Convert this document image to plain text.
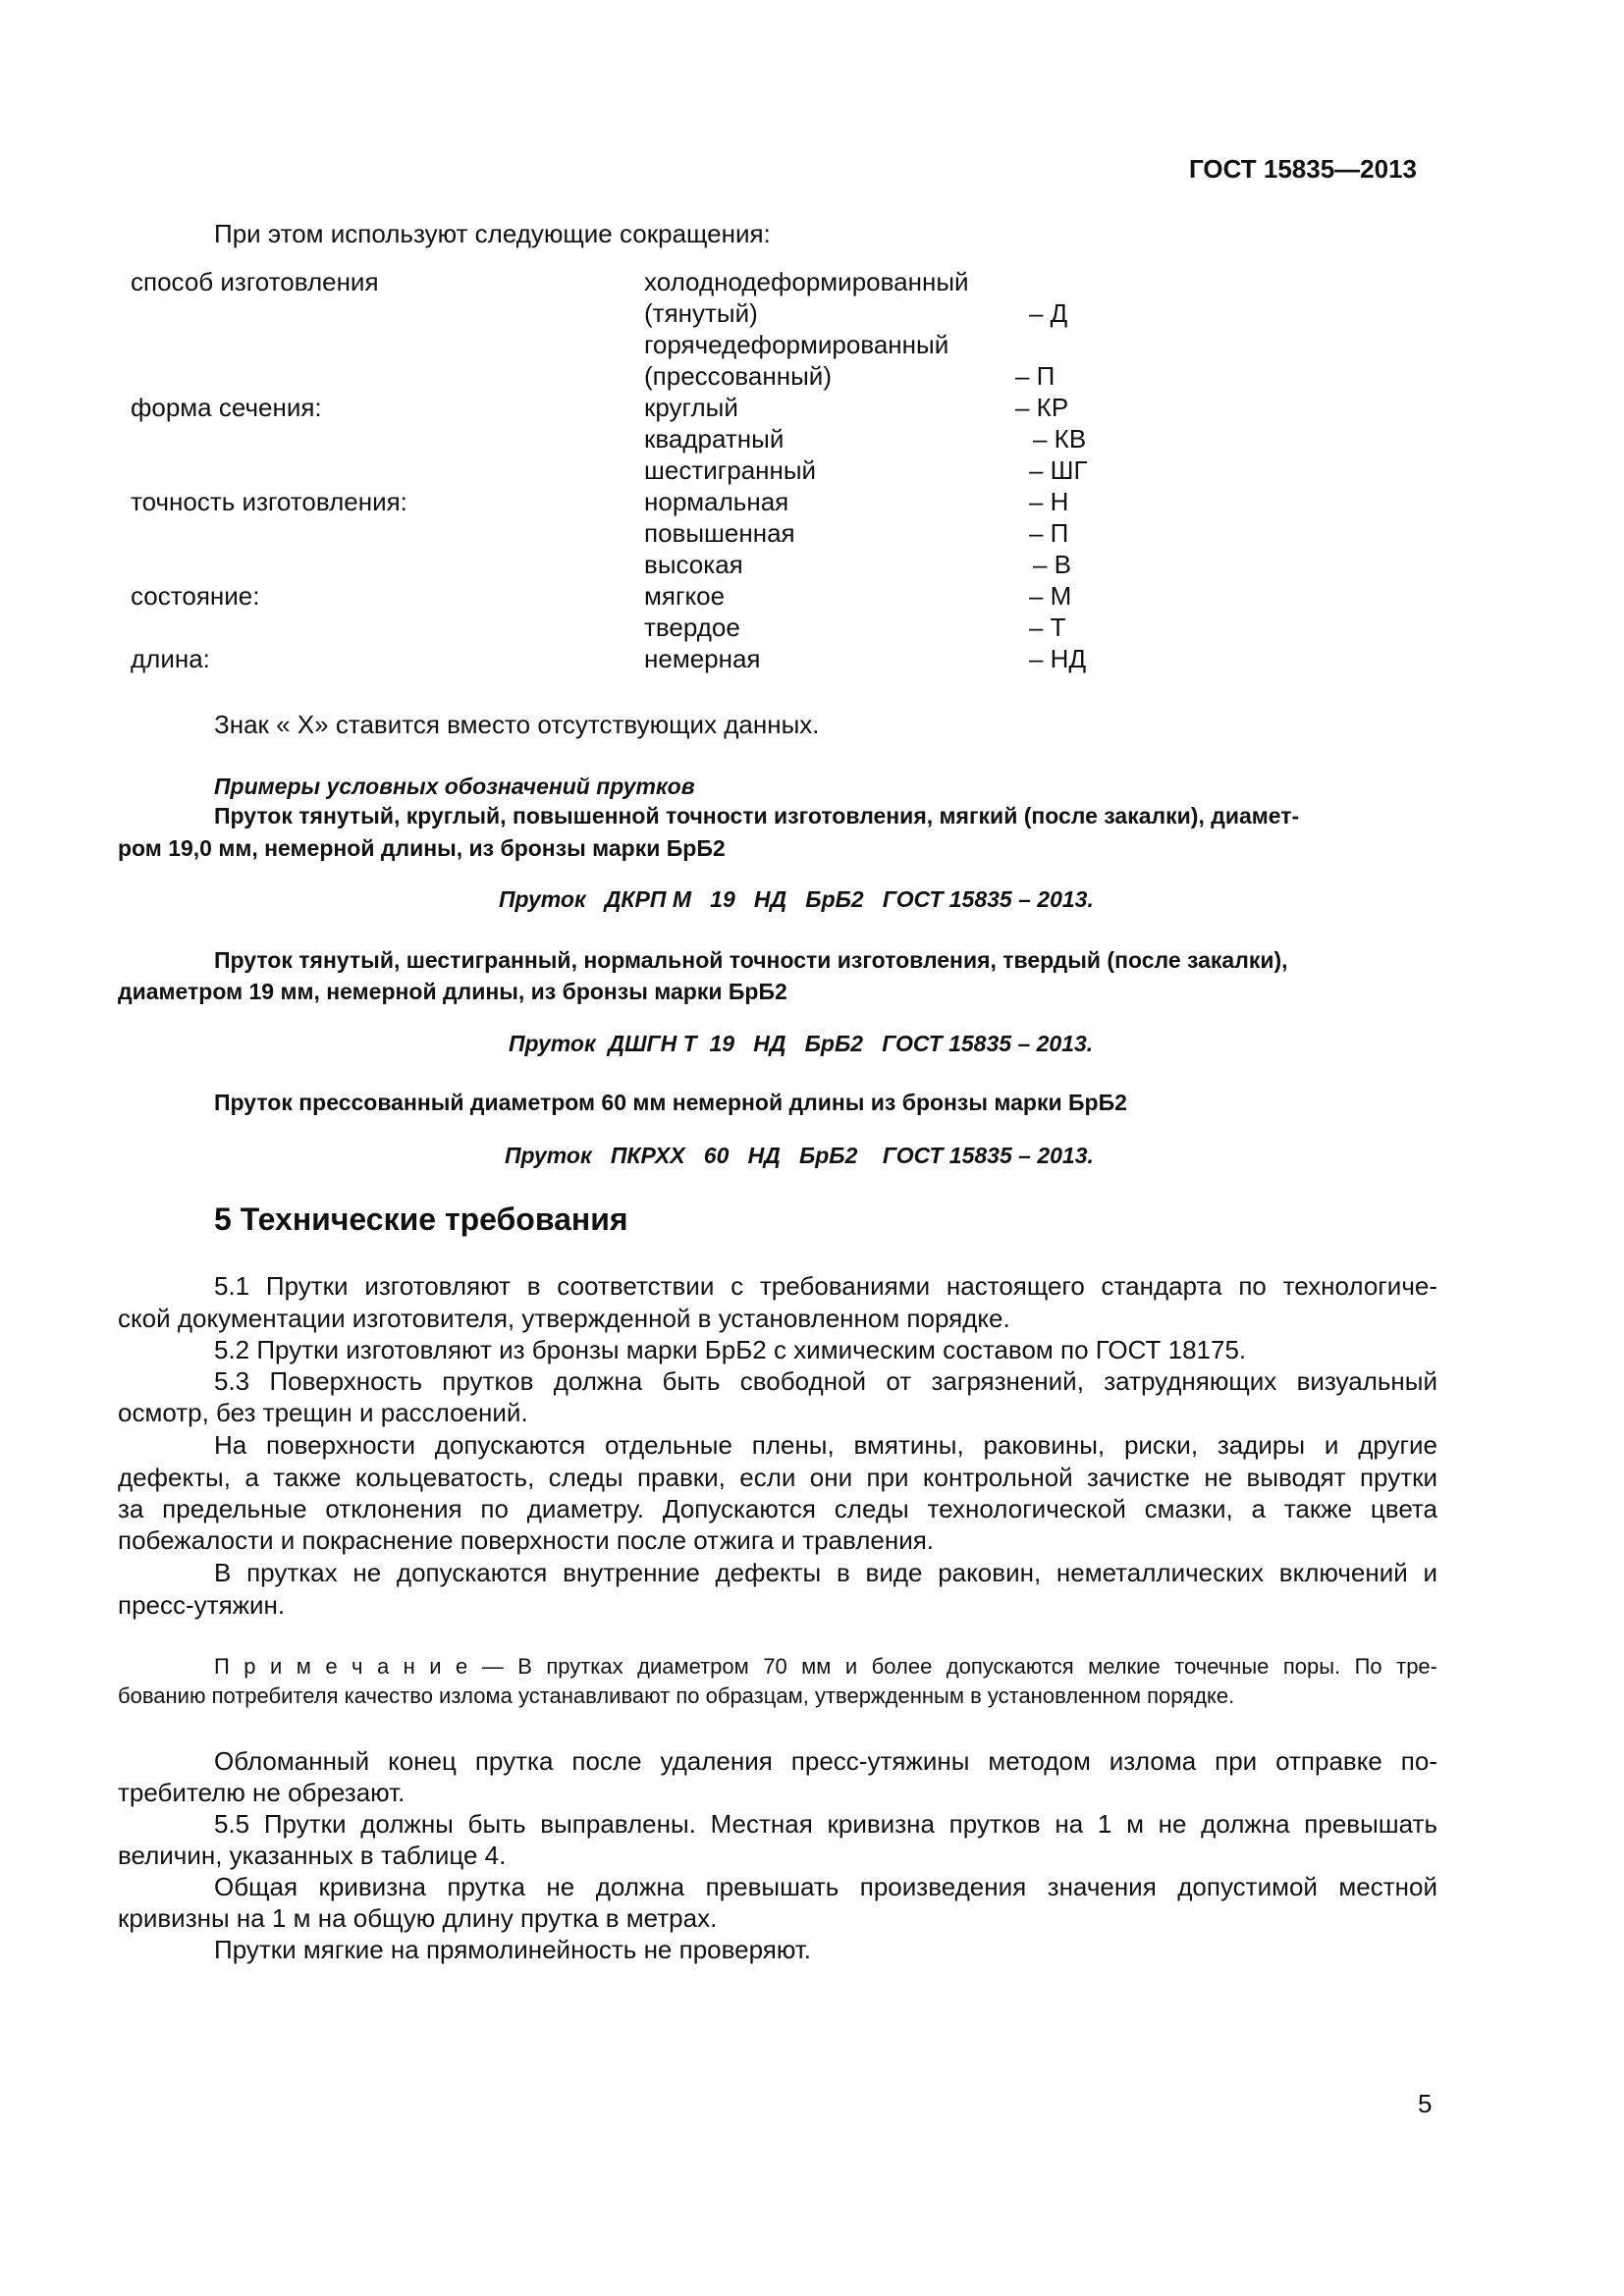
ГОСТ 15835—2013
При этом используют следующие сокращения:
способ изготовления	холоднодеформированный
(тянутый)	– Д
горячедеформированный
(прессованный)	– П
форма сечения:	круглый	– КР
квадратный	– КВ
шестигранный	– ШГ
точность изготовления:	нормальная	– Н
повышенная	– П
высокая	– В
состояние:	мягкое	– М
твердое	– Т
длина:	немерная	– НД
Знак « Х» ставится вместо отсутствующих данных.
Примеры условных обозначений прутков
Пруток тянутый, круглый, повышенной точности изготовления, мягкий (после закалки), диамет-
ром 19,0 мм, немерной длины, из бронзы марки БрБ2
Пруток   ДКРП М   19   НД   БрБ2   ГОСТ 15835 – 2013.
Пруток тянутый, шестигранный, нормальной точности изготовления, твердый (после закалки),
диаметром 19 мм, немерной длины, из бронзы марки БрБ2
Пруток  ДШГН Т  19   НД   БрБ2   ГОСТ 15835 – 2013.
Пруток прессованный диаметром 60 мм немерной длины из бронзы марки БрБ2
Пруток   ПКРХХ   60   НД   БрБ2    ГОСТ 15835 – 2013.
5 Технические требования
5.1 Прутки изготовляют в соответствии с требованиями настоящего стандарта по технологиче-
ской документации изготовителя, утвержденной в установленном порядке.
5.2 Прутки изготовляют из бронзы марки БрБ2 с химическим составом по ГОСТ 18175.
5.3 Поверхность прутков должна быть свободной от загрязнений, затрудняющих визуальный
осмотр, без трещин и расслоений.
На поверхности допускаются отдельные плены, вмятины, раковины, риски, задиры и другие
дефекты, а также кольцеватость, следы правки, если они при контрольной зачистке не выводят прутки
за предельные отклонения по диаметру. Допускаются следы технологической смазки, а также цвета
побежалости и покраснение поверхности после отжига и травления.
В прутках не допускаются внутренние дефекты в виде раковин, неметаллических включений и
пресс-утяжин.
П р и м е ч а н и е — В прутках диаметром 70 мм и более допускаются мелкие точечные поры. По тре-
бованию потребителя качество излома устанавливают по образцам, утвержденным в установленном порядке.
Обломанный конец прутка после удаления пресс-утяжины методом излома при отправке по-
требителю не обрезают.
5.5 Прутки должны быть выправлены. Местная кривизна прутков на 1 м не должна превышать
величин, указанных в таблице 4.
Общая кривизна прутка не должна превышать произведения значения допустимой местной
кривизны на 1 м на общую длину прутка в метрах.
Прутки мягкие на прямолинейность не проверяют.
5
